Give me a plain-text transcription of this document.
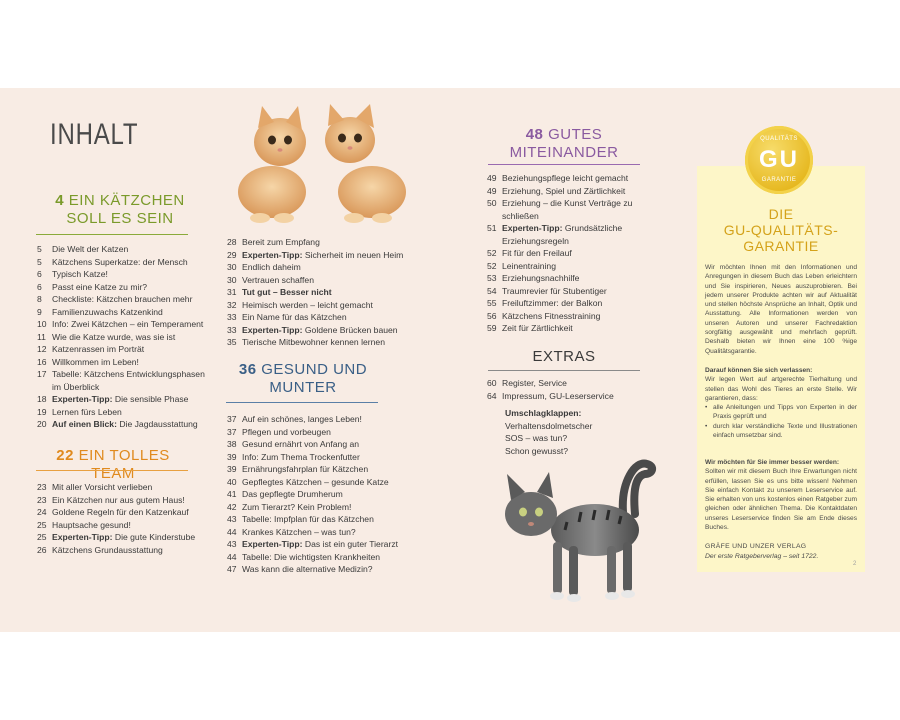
INHALT
4 EIN KÄTZCHEN
SOLL ES SEIN
5	Die Welt der Katzen
5	Kätzchens Superkatze: der Mensch
6	Typisch Katze!
6	Passt eine Katze zu mir?
8	Checkliste: Kätzchen brauchen mehr
9	Familienzuwachs Katzenkind
10 Info: Zwei Kätzchen – ein Temperament
11 Wie die Katze wurde, was sie ist
12 Katzenrassen im Porträt
16 Willkommen im Leben!
17 Tabelle: Kätzchens Entwicklungsphasen
im Überblick
18 Experten-Tipp: Die sensible Phase
19 Lernen fürs Leben
20 Auf einen Blick: Die Jagdausstattung
22 EIN TOLLES TEAM
23 Mit aller Vorsicht verlieben
23 Ein Kätzchen nur aus gutem Haus!
24 Goldene Regeln für den Katzenkauf
25 Hauptsache gesund!
25 Experten-Tipp: Die gute Kinderstube
26 Kätzchens Grundausstattung
28 Bereit zum Empfang
29 Experten-Tipp: Sicherheit im neuen Heim
30 Endlich daheim
30 Vertrauen schaffen
31 Tut gut – Besser nicht
32 Heimisch werden – leicht gemacht
33 Ein Name für das Kätzchen
33 Experten-Tipp: Goldene Brücken bauen
35 Tierische Mitbewohner kennen lernen
36 GESUND UND
MUNTER
37 Auf ein schönes, langes Leben!
37 Pflegen und vorbeugen
38 Gesund ernährt von Anfang an
39 Info: Zum Thema Trockenfutter
39 Ernährungsfahrplan für Kätzchen
40 Gepflegtes Kätzchen – gesunde Katze
41 Das gepflegte Drumherum
42 Zum Tierarzt? Kein Problem!
43 Tabelle: Impfplan für das Kätzchen
44 Krankes Kätzchen – was tun?
43 Experten-Tipp: Das ist ein guter Tierarzt
44 Tabelle: Die wichtigsten Krankheiten
47 Was kann die alternative Medizin?
48 GUTES
MITEINANDER
49 Beziehungspflege leicht gemacht
49 Erziehung, Spiel und Zärtlichkeit
50 Erziehung – die Kunst Verträge zu
schließen
51 Experten-Tipp: Grundsätzliche
Erziehungsregeln
52 Fit für den Freilauf
52 Leinentraining
53 Erziehungsnachhilfe
54 Traumrevier für Stubentiger
55 Freiluftzimmer: der Balkon
56 Kätzchens Fitnesstraining
59 Zeit für Zärtlichkeit
EXTRAS
60 Register, Service
64 Impressum, GU-Leserservice
Umschlagklappen:
Verhaltensdolmetscher
SOS – was tun?
Schon gewusst?
QUALITÄTS
GU
GARANTIE
DIE
GU-QUALITÄTS-
GARANTIE
Wir möchten Ihnen mit den Informationen und Anregungen in diesem Buch das Leben erleichtern und Sie inspirieren, Neues auszuprobieren. Bei jedem unserer Produkte achten wir auf Aktualität und stellen höchste Ansprüche an Inhalt, Optik und Ausstattung. Alle Informationen werden von unseren Autoren und unserer Fachredaktion sorgfältig ausgewählt und mehrfach geprüft. Deshalb bieten wir Ihnen eine 100 %ige Qualitätsgarantie.
Darauf können Sie sich verlassen:
Wir legen Wert auf artgerechte Tierhaltung und stellen das Wohl des Tieres an erste Stelle. Wir garantieren, dass:
• alle Anleitungen und Tipps von Experten in der Praxis geprüft und
• durch klar verständliche Texte und Illustrationen einfach umsetzbar sind.
Wir möchten für Sie immer besser werden:
Sollten wir mit diesem Buch Ihre Erwartungen nicht erfüllen, lassen Sie es uns bitte wissen! Nehmen Sie einfach Kontakt zu unserem Leserservice auf. Sie erhalten von uns kostenlos einen Ratgeber zum gleichen oder ähnlichen Thema. Die Kontaktdaten unseres Leserservice finden Sie am Ende dieses Buches.
GRÄFE UND UNZER VERLAG
Der erste Ratgeberverlag – seit 1722.
2
